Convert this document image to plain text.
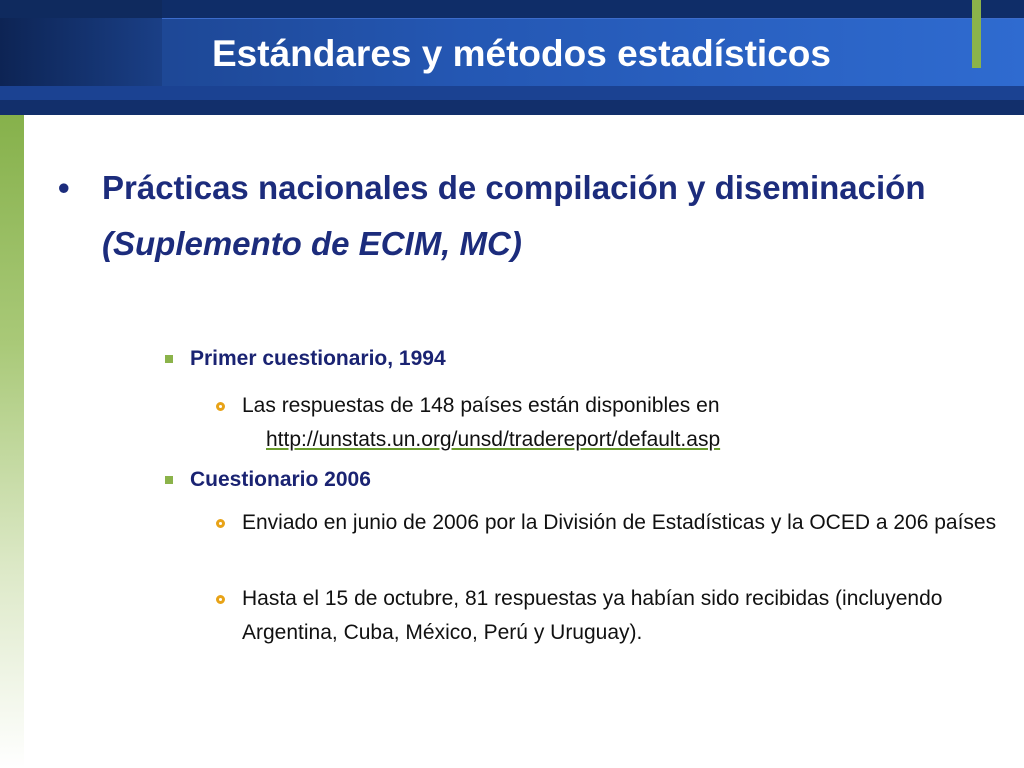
Estándares y métodos estadísticos
• Prácticas nacionales de compilación y diseminación (Suplemento de ECIM, MC)
Primer cuestionario, 1994
Las respuestas de 148 países están disponibles en
http://unstats.un.org/unsd/tradereport/default.asp
Cuestionario 2006
Enviado en junio de 2006 por la División de Estadísticas y la OCED a 206 países
Hasta el 15 de octubre, 81 respuestas ya habían sido recibidas (incluyendo Argentina, Cuba, México, Perú y Uruguay).
